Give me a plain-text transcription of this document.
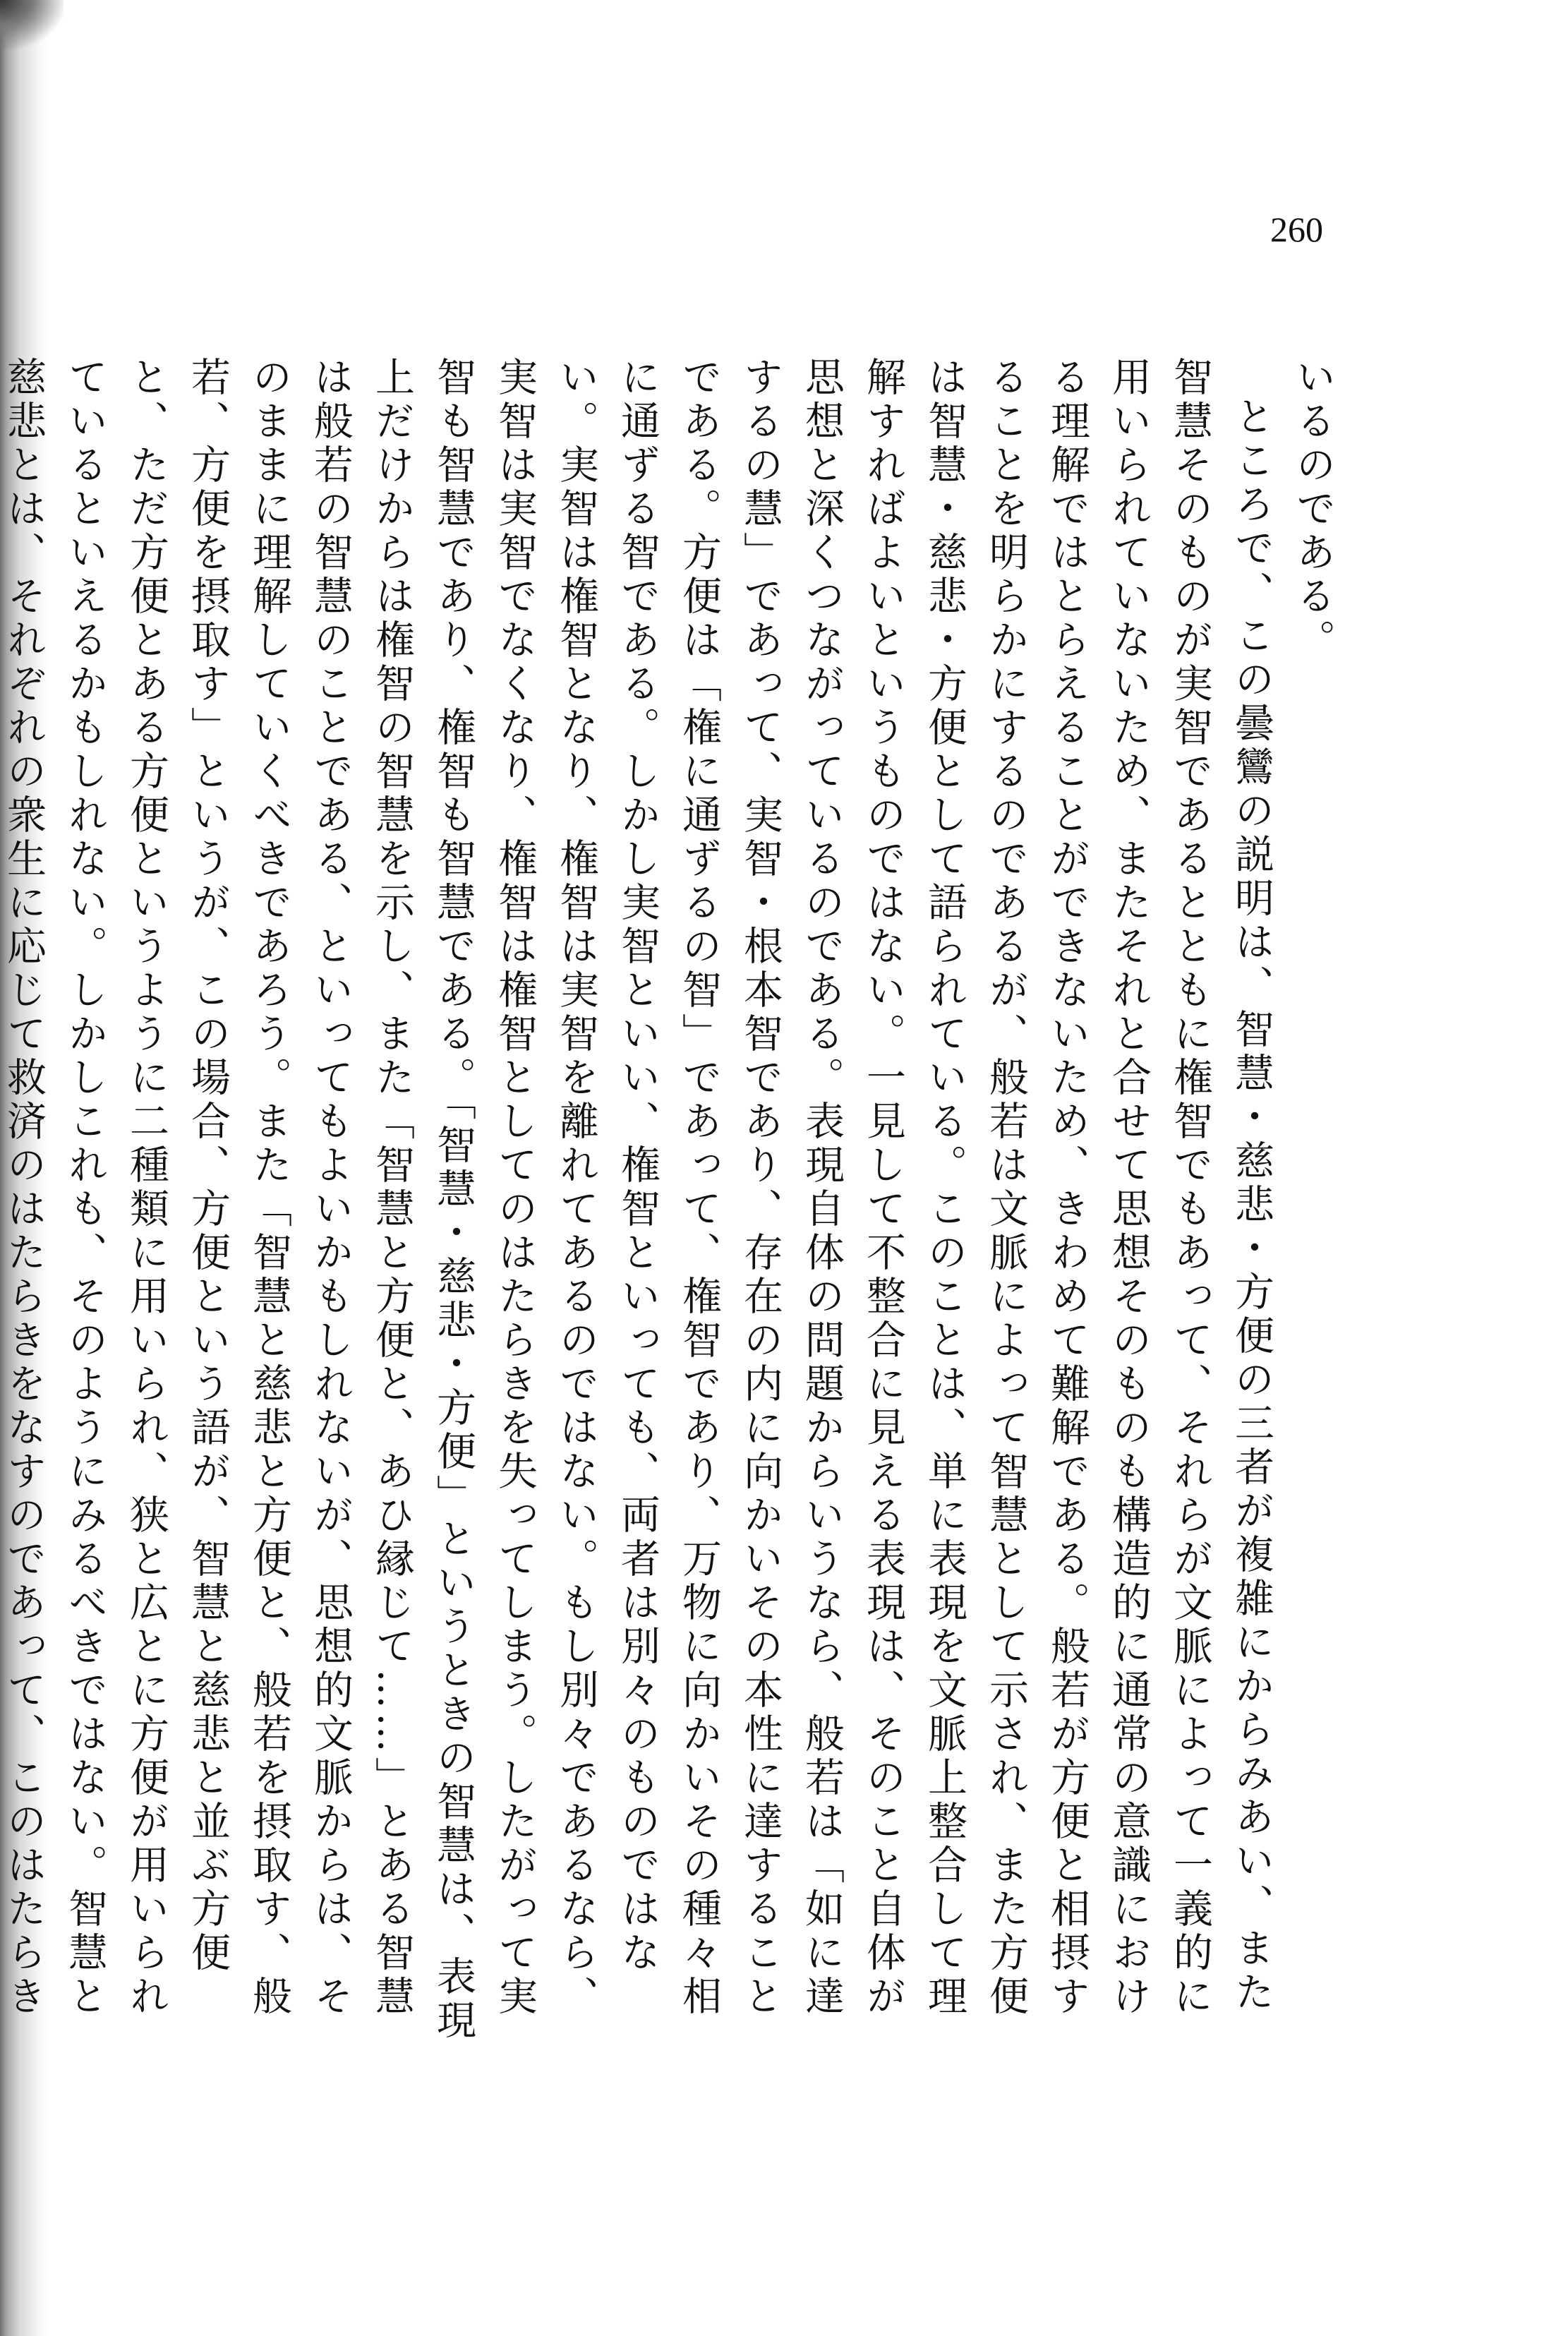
260

いるのである。

ところで、この曇鸞の説明は、智慧・慈悲・方便の三者が複雑にからみあい、また智慧そのものが実智であるとともに権智でもあって、それらが文脈によって一義的に用いられていないため、またそれと合せて思想そのものも構造的に通常の意識における理解ではとらえることができないため、きわめて難解である。般若が方便と相摂することを明らかにするのであるが、般若は文脈によって智慧として示され、また方便は智慧・慈悲・方便として語られている。このことは、単に表現を文脈上整合して理解すればよいというものではない。一見して不整合に見える表現は、そのこと自体が思想と深くつながっているのである。表現自体の問題からいうなら、般若は「如に達するの慧」であって、実智・根本智であり、存在の内に向かいその本性に達することである。方便は「権に通ずるの智」であって、権智であり、万物に向かいその種々相に通ずる智である。しかし実智といい、権智といっても、両者は別々のものではない。実智は権智となり、権智は実智を離れてあるのではない。もし別々であるなら、実智は実智でなくなり、権智は権智としてのはたらきを失ってしまう。したがって実智も智慧であり、権智も智慧である。「智慧・慈悲・方便」というときの智慧は、表現上だけからは権智の智慧を示し、また「智慧と方便と、あひ縁じて……」とある智慧は般若の智慧のことである、といってもよいかもしれないが、思想的文脈からは、そのままに理解していくべきであろう。また「智慧と慈悲と方便と、般若を摂取す、般若、方便を摂取す」というが、この場合、方便という語が、智慧と慈悲と並ぶ方便と、ただ方便とある方便というように二種類に用いられ、狭と広とに方便が用いられているといえるかもしれない。しかしこれも、そのようにみるべきではない。智慧と慈悲とは、それぞれの衆生に応じて救済のはたらきをなすのであって、このはたらき
